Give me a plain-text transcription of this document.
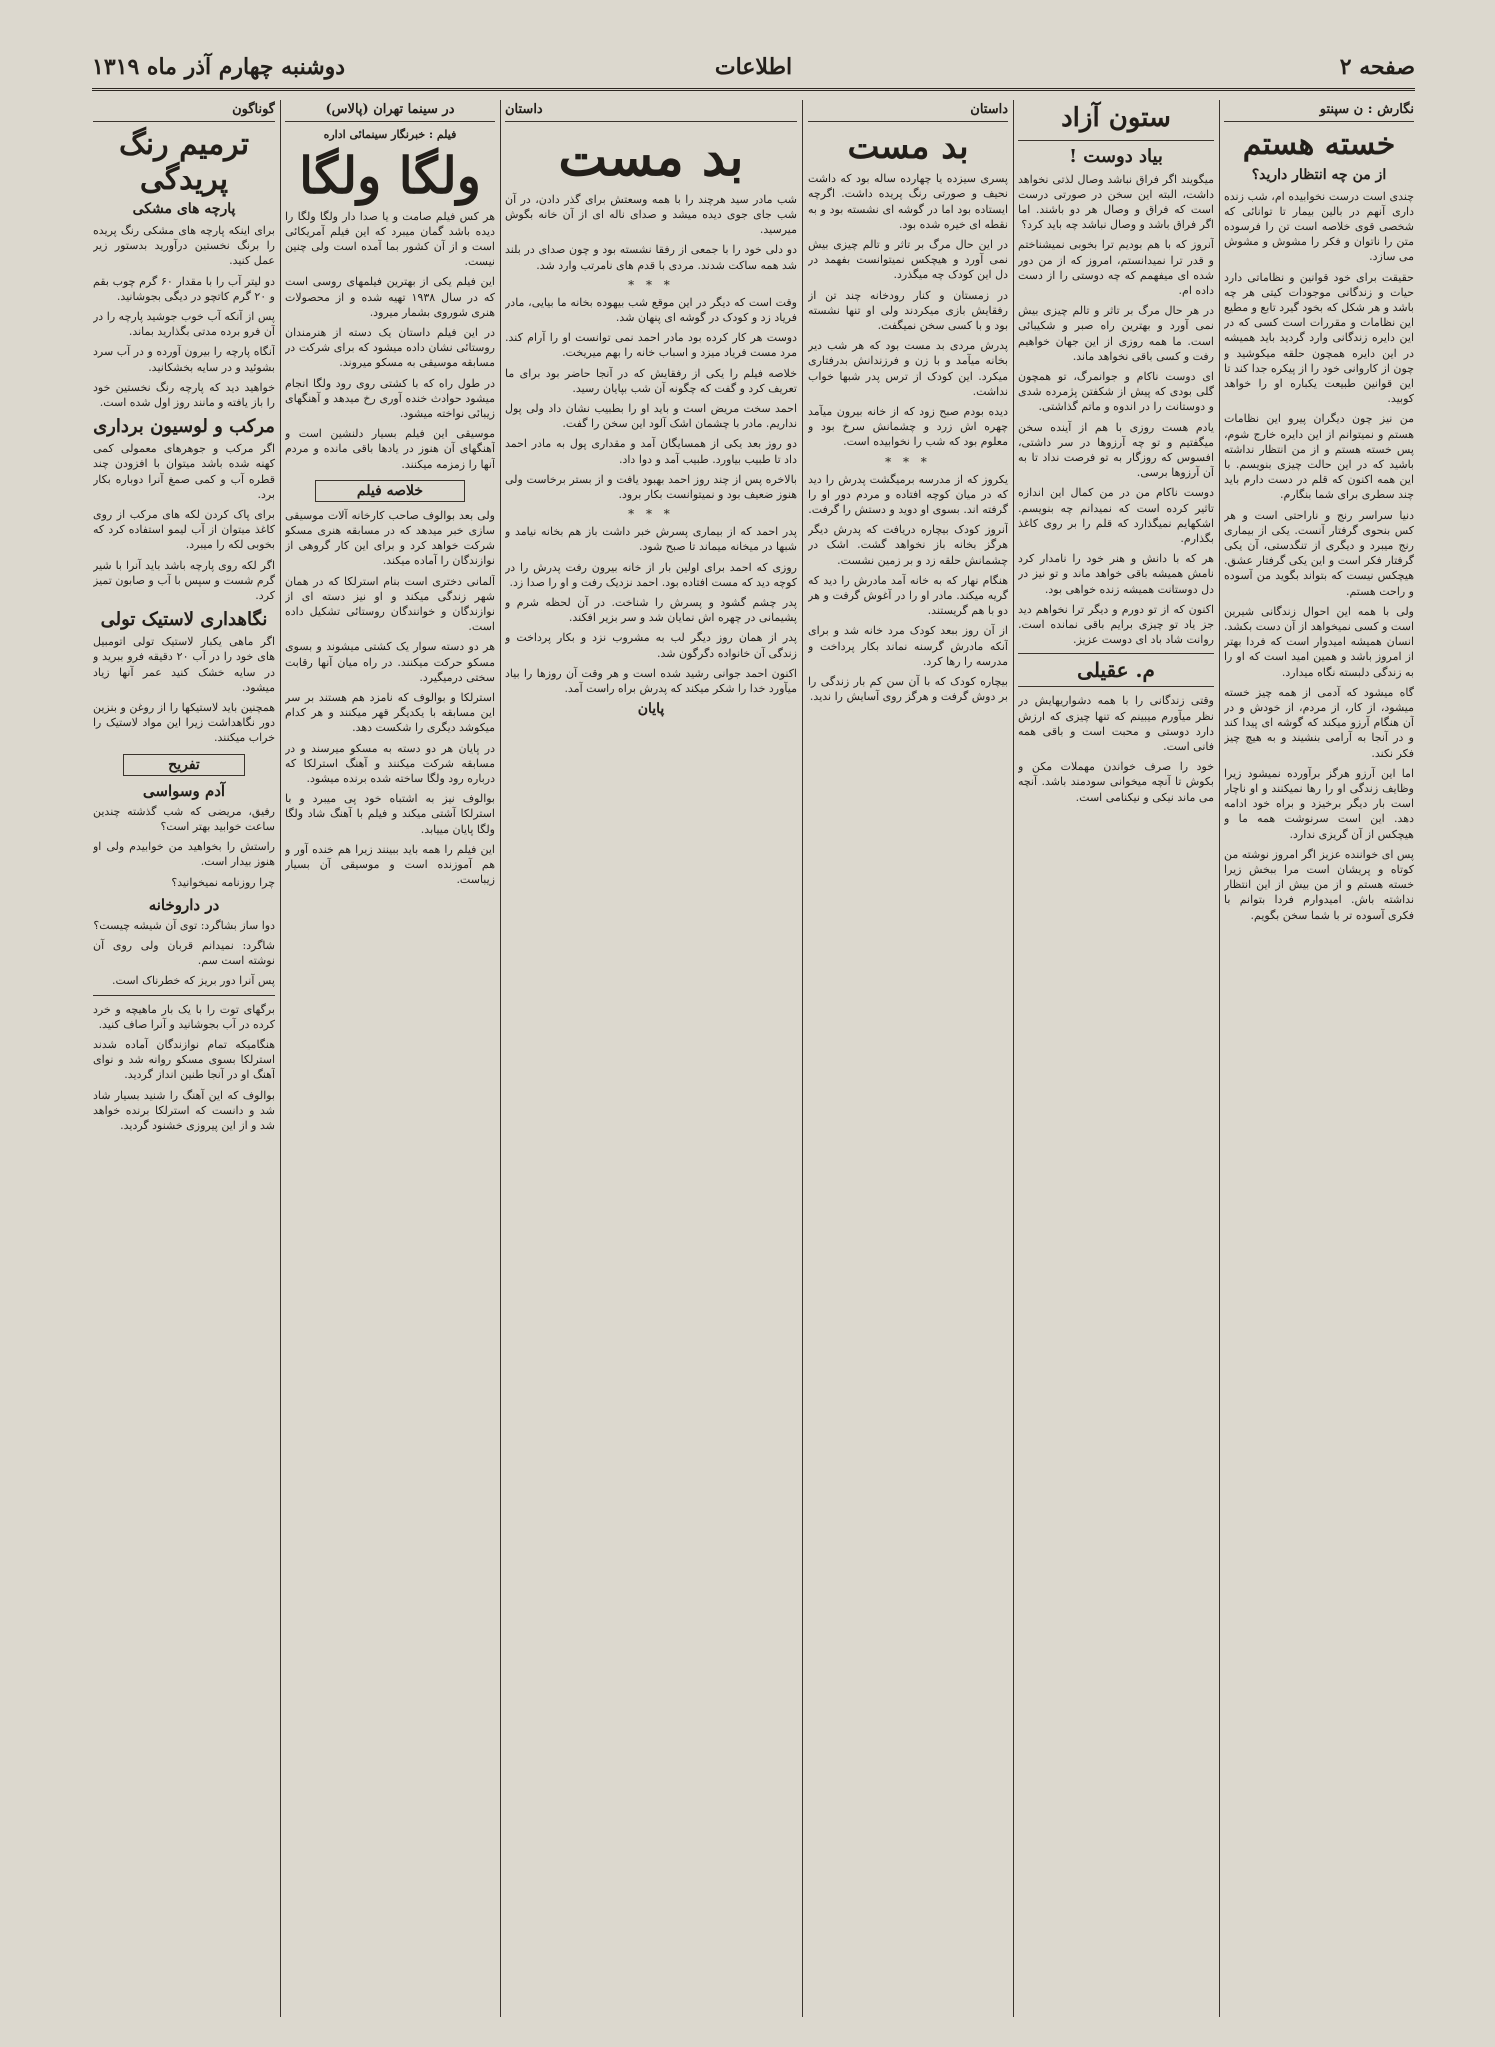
صفحه ۲
اطلاعات
دوشنبه چهارم آذر ماه ۱۳۱۹
نگارش : ن سپنتو
خسته هستم
از من چه انتظار دارید؟

چندی است درست نخوابیده ام، شب زنده داری آنهم در بالین بیمار تا توانائی که شخصی قوی خلاصه است تن را فرسوده متن را ناتوان و فکر را مشوش و مشوش می سازد.

حقیقت برای خود قوانین و نظاماتی دارد حیات و زندگانی موجودات کیتی هر چه باشد و هر شکل که بخود گیرد تابع و مطیع این نظامات و مقررات است کسی که در این دایره زندگانی وارد گردید باید همیشه در این دایره همچون حلقه میکوشید و چون از کاروانی خود را از پیکره جدا کند تا این قوانین طبیعت یکباره او را خواهد کوبید.

من نیز چون دیگران پیرو این نظامات هستم و نمیتوانم از این دایره خارج شوم، پس خسته هستم و از من انتظار نداشته باشید که در این حالت چیزی بنویسم. با این همه اکنون که قلم در دست دارم باید چند سطری برای شما بنگارم.

دنیا سراسر رنج و ناراحتی است و هر کس بنحوی گرفتار آنست. یکی از بیماری رنج میبرد و دیگری از تنگدستی، آن یکی گرفتار فکر است و این یکی گرفتار عشق. هیچکس نیست که بتواند بگوید من آسوده و راحت هستم.

ولی با همه این احوال زندگانی شیرین است و کسی نمیخواهد از آن دست بکشد. انسان همیشه امیدوار است که فردا بهتر از امروز باشد و همین امید است که او را به زندگی دلبسته نگاه میدارد.

گاه میشود که آدمی از همه چیز خسته میشود، از کار، از مردم، از خودش و در آن هنگام آرزو میکند که گوشه ای پیدا کند و در آنجا به آرامی بنشیند و به هیچ چیز فکر نکند.

اما این آرزو هرگز برآورده نمیشود زیرا وظایف زندگی او را رها نمیکنند و او ناچار است بار دیگر برخیزد و براه خود ادامه دهد. این است سرنوشت همه ما و هیچکس از آن گریزی ندارد.

پس ای خواننده عزیز اگر امروز نوشته من کوتاه و پریشان است مرا ببخش زیرا خسته هستم و از من بیش از این انتظار نداشته باش. امیدوارم فردا بتوانم با فکری آسوده تر با شما سخن بگویم.

ستون آزاد
بیاد دوست !

میگویند اگر فراق نباشد وصال لذتی نخواهد داشت، البته این سخن در صورتی درست است که فراق و وصال هر دو باشند. اما اگر فراق باشد و وصال نباشد چه باید کرد؟

آنروز که با هم بودیم ترا بخوبی نمیشناختم و قدر ترا نمیدانستم، امروز که از من دور شده ای میفهمم که چه دوستی را از دست داده ام.

در هر حال مرگ بر تاثر و تالم چیزی بیش نمی آورد و بهترین راه صبر و شکیبائی است. ما همه روزی از این جهان خواهیم رفت و کسی باقی نخواهد ماند.

ای دوست ناکام و جوانمرگ، تو همچون گلی بودی که پیش از شکفتن پژمرده شدی و دوستانت را در اندوه و ماتم گذاشتی.

یادم هست روزی با هم از آینده سخن میگفتیم و تو چه آرزوها در سر داشتی، افسوس که روزگار به تو فرصت نداد تا به آن آرزوها برسی.

دوست ناکام من در من کمال این اندازه تاثیر کرده است که نمیدانم چه بنویسم. اشکهایم نمیگذارد که قلم را بر روی کاغذ بگذارم.

هر که با دانش و هنر خود را نامدار کرد نامش همیشه باقی خواهد ماند و تو نیز در دل دوستانت همیشه زنده خواهی بود.

اکنون که از تو دورم و دیگر ترا نخواهم دید جز یاد تو چیزی برایم باقی نمانده است. روانت شاد باد ای دوست عزیز.

م. عقیلی

وقتی زندگانی را با همه دشواریهایش در نظر میآورم میبینم که تنها چیزی که ارزش دارد دوستی و محبت است و باقی همه فانی است.

خود را صرف خواندن مهملات مکن و بکوش تا آنچه میخوانی سودمند باشد. آنچه می ماند نیکی و نیکنامی است.

داستان
بد مست

پسری سیزده یا چهارده ساله بود که داشت نحیف و صورتی رنگ پریده داشت. اگرچه ایستاده بود اما در گوشه ای نشسته بود و به نقطه ای خیره شده بود.

در این حال مرگ بر تاثر و تالم چیزی بیش نمی آورد و هیچکس نمیتوانست بفهمد در دل این کودک چه میگذرد.

در زمستان و کنار رودخانه چند تن از رفقایش بازی میکردند ولی او تنها نشسته بود و با کسی سخن نمیگفت.

پدرش مردی بد مست بود که هر شب دیر بخانه میآمد و با زن و فرزندانش بدرفتاری میکرد. این کودک از ترس پدر شبها خواب نداشت.

دیده بودم صبح زود که از خانه بیرون میآمد چهره اش زرد و چشمانش سرخ بود و معلوم بود که شب را نخوابیده است.

* * *

یکروز که از مدرسه برمیگشت پدرش را دید که در میان کوچه افتاده و مردم دور او را گرفته اند. بسوی او دوید و دستش را گرفت.

آنروز کودک بیچاره دریافت که پدرش دیگر هرگز بخانه باز نخواهد گشت. اشک در چشمانش حلقه زد و بر زمین نشست.

هنگام نهار که به خانه آمد مادرش را دید که گریه میکند. مادر او را در آغوش گرفت و هر دو با هم گریستند.

از آن روز ببعد کودک مرد خانه شد و برای آنکه مادرش گرسنه نماند بکار پرداخت و مدرسه را رها کرد.

بیچاره کودک که با آن سن کم بار زندگی را بر دوش گرفت و هرگز روی آسایش را ندید.

داستان
بد مست

شب مادر سید هرچند را با همه وسعتش برای گذر دادن، در آن شب جای جوی دیده میشد و صدای ناله ای از آن خانه بگوش میرسید.

دو دلی خود را با جمعی از رفقا نشسته بود و چون صدای در بلند شد همه ساکت شدند. مردی با قدم های نامرتب وارد شد.

* * *

وقت است که دیگر در این موقع شب بیهوده بخانه ما بیایی، مادر فریاد زد و کودک در گوشه ای پنهان شد.

دوست هر کار کرده بود مادر احمد نمی توانست او را آرام کند. مرد مست فریاد میزد و اسباب خانه را بهم میریخت.

خلاصه فیلم را یکی از رفقایش که در آنجا حاضر بود برای ما تعریف کرد و گفت که چگونه آن شب بپایان رسید.

احمد سخت مریض است و باید او را بطبیب نشان داد ولی پول نداریم. مادر با چشمان اشک آلود این سخن را گفت.

دو روز بعد یکی از همسایگان آمد و مقداری پول به مادر احمد داد تا طبیب بیاورد. طبیب آمد و دوا داد.

بالاخره پس از چند روز احمد بهبود یافت و از بستر برخاست ولی هنوز ضعیف بود و نمیتوانست بکار برود.

* * *

پدر احمد که از بیماری پسرش خبر داشت باز هم بخانه نیامد و شبها در میخانه میماند تا صبح شود.

روزی که احمد برای اولین بار از خانه بیرون رفت پدرش را در کوچه دید که مست افتاده بود. احمد نزدیک رفت و او را صدا زد.

پدر چشم گشود و پسرش را شناخت. در آن لحظه شرم و پشیمانی در چهره اش نمایان شد و سر بزیر افکند.

پدر از همان روز دیگر لب به مشروب نزد و بکار پرداخت و زندگی آن خانواده دگرگون شد.

اکنون احمد جوانی رشید شده است و هر وقت آن روزها را بیاد میآورد خدا را شکر میکند که پدرش براه راست آمد.

پایان
در سینما تهران (پالاس)
فیلم : خبرنگار سینمائی اداره
ولگا ولگا

هر کس فیلم صامت و یا صدا دار ولگا ولگا را دیده باشد گمان میبرد که این فیلم آمریکائی است و از آن کشور بما آمده است ولی چنین نیست.

این فیلم یکی از بهترین فیلمهای روسی است که در سال ۱۹۳۸ تهیه شده و از محصولات هنری شوروی بشمار میرود.

در این فیلم داستان یک دسته از هنرمندان روستائی نشان داده میشود که برای شرکت در مسابقه موسیقی به مسکو میروند.

در طول راه که با کشتی روی رود ولگا انجام میشود حوادث خنده آوری رخ میدهد و آهنگهای زیبائی نواخته میشود.

موسیقی این فیلم بسیار دلنشین است و آهنگهای آن هنوز در یادها باقی مانده و مردم آنها را زمزمه میکنند.

خلاصه فیلم

ولی بعد بوالوف صاحب کارخانه آلات موسیقی سازی خبر میدهد که در مسابقه هنری مسکو شرکت خواهد کرد و برای این کار گروهی از نوازندگان را آماده میکند.

آلمانی دختری است بنام استرلکا که در همان شهر زندگی میکند و او نیز دسته ای از نوازندگان و خوانندگان روستائی تشکیل داده است.

هر دو دسته سوار یک کشتی میشوند و بسوی مسکو حرکت میکنند. در راه میان آنها رقابت سختی درمیگیرد.

استرلکا و بوالوف که نامزد هم هستند بر سر این مسابقه با یکدیگر قهر میکنند و هر کدام میکوشد دیگری را شکست دهد.

در پایان هر دو دسته به مسکو میرسند و در مسابقه شرکت میکنند و آهنگ استرلکا که درباره رود ولگا ساخته شده برنده میشود.

بوالوف نیز به اشتباه خود پی میبرد و با استرلکا آشتی میکند و فیلم با آهنگ شاد ولگا ولگا پایان مییابد.

این فیلم را همه باید ببینند زیرا هم خنده آور و هم آموزنده است و موسیقی آن بسیار زیباست.

گوناگون
ترمیم رنگ پریدگی
پارچه های مشکی

برای اینکه پارچه های مشکی رنگ پریده را برنگ نخستین درآورید بدستور زیر عمل کنید.

دو لیتر آب را با مقدار ۶۰ گرم چوب بقم و ۲۰ گرم کاتچو در دیگی بجوشانید.

پس از آنکه آب خوب جوشید پارچه را در آن فرو برده مدتی بگذارید بماند.

آنگاه پارچه را بیرون آورده و در آب سرد بشوئید و در سایه بخشکانید.

خواهید دید که پارچه رنگ نخستین خود را باز یافته و مانند روز اول شده است.

مرکب و لوسیون برداری

اگر مرکب و جوهرهای معمولی کمی کهنه شده باشد میتوان با افزودن چند قطره آب و کمی صمغ آنرا دوباره بکار برد.

برای پاک کردن لکه های مرکب از روی کاغذ میتوان از آب لیمو استفاده کرد که بخوبی لکه را میبرد.

اگر لکه روی پارچه باشد باید آنرا با شیر گرم شست و سپس با آب و صابون تمیز کرد.

نگاهداری لاستیک تولی

اگر ماهی یکبار لاستیک تولی اتومبیل های خود را در آب ۲۰ دقیقه فرو ببرید و در سایه خشک کنید عمر آنها زیاد میشود.

همچنین باید لاستیکها را از روغن و بنزین دور نگاهداشت زیرا این مواد لاستیک را خراب میکنند.

تفریح
آدم وسواسی

رفیق، مریضی که شب گذشته چندین ساعت خوابید بهتر است؟

راستش را بخواهید من خوابیدم ولی او هنوز بیدار است.

چرا روزنامه نمیخوانید؟

در داروخانه

دوا ساز بشاگرد: توی آن شیشه چیست؟

شاگرد: نمیدانم قربان ولی روی آن نوشته است سم.

پس آنرا دور بریز که خطرناک است.

برگهای توت را با یک بار ماهیچه و خرد کرده در آب بجوشانید و آنرا صاف کنید.

هنگامیکه تمام نوازندگان آماده شدند استرلکا بسوی مسکو روانه شد و نوای آهنگ او در آنجا طنین انداز گردید.

بوالوف که این آهنگ را شنید بسیار شاد شد و دانست که استرلکا برنده خواهد شد و از این پیروزی خشنود گردید.
